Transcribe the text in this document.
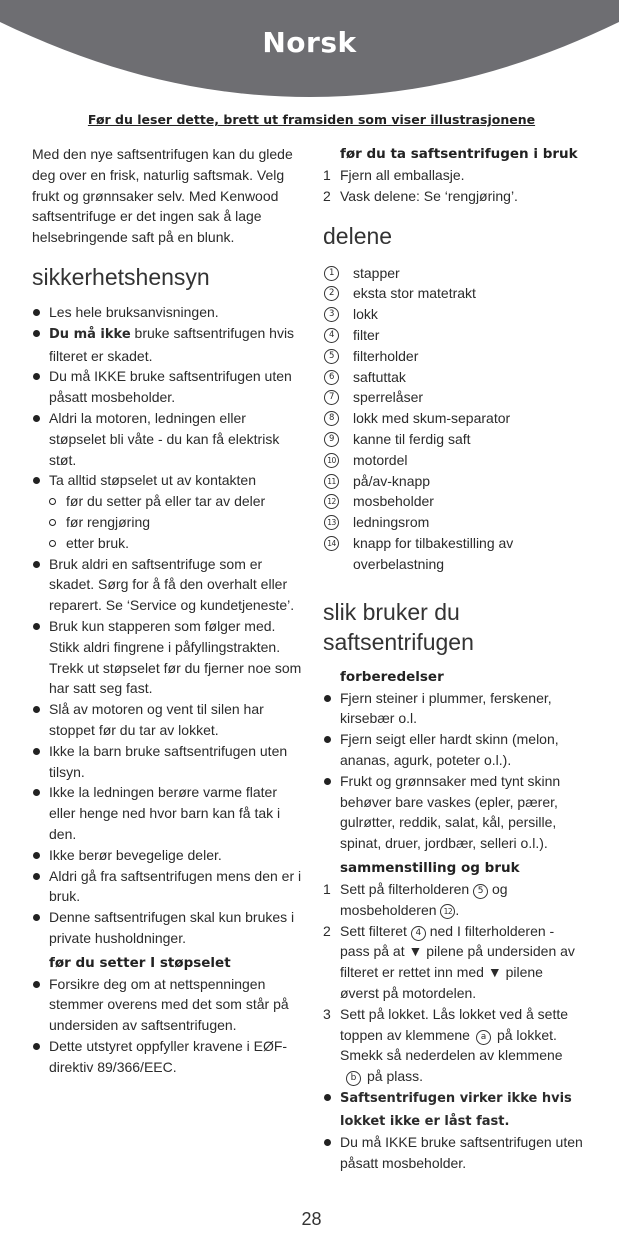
Norsk
Før du leser dette, brett ut framsiden som viser illustrasjonene

Med den nye saftsentrifugen kan du glede deg over en frisk, naturlig saftsmak. Velg frukt og grønnsaker selv. Med Kenwood saftsentrifuge er det ingen sak å lage helsebringende saft på en blunk.

sikkerhetshensyn
Les hele bruksanvisningen.
Du må ikke bruke saftsentrifugen hvis filteret er skadet.
Du må IKKE bruke saftsentrifugen uten påsatt mosbeholder.
Aldri la motoren, ledningen eller støpselet bli våte - du kan få elektrisk støt.
Ta alltid støpselet ut av kontakten
før du setter på eller tar av deler
før rengjøring
etter bruk.
Bruk aldri en saftsentrifuge som er skadet. Sørg for å få den overhalt eller reparert. Se ‘Service og kundetjeneste’.
Bruk kun stapperen som følger med. Stikk aldri fingrene i påfyllingstrakten. Trekk ut støpselet før du fjerner noe som har satt seg fast.
Slå av motoren og vent til silen har stoppet før du tar av lokket.
Ikke la barn bruke saftsentrifugen uten tilsyn.
Ikke la ledningen berøre varme flater eller henge ned hvor barn kan få tak i den.
Ikke berør bevegelige deler.
Aldri gå fra saftsentrifugen mens den er i bruk.
Denne saftsentrifugen skal kun brukes i private husholdninger.
før du setter I støpselet
Forsikre deg om at nettspenningen stemmer overens med det som står på undersiden av saftsentrifugen.
Dette utstyret oppfyller kravene i EØF-direktiv 89/366/EEC.
før du ta saftsentrifugen i bruk
1 Fjern all emballasje.
2 Vask delene: Se ‘rengjøring’.
delene
1	stapper
2	eksta stor matetrakt
3	lokk
4	filter
5	filterholder
6	saftuttak
7	sperrelåser
8	lokk med skum-separator
9	kanne til ferdig saft
10 motordel
11 på/av-knapp
12 mosbeholder
13 ledningsrom
14 knapp for tilbakestilling av overbelastning
slik bruker du saftsentrifugen
forberedelser
Fjern steiner i plummer, ferskener, kirsebær o.l.
Fjern seigt eller hardt skinn (melon, ananas, agurk, poteter o.l.).
Frukt og grønnsaker med tynt skinn behøver bare vaskes (epler, pærer, gulrøtter, reddik, salat, kål, persille, spinat, druer, jordbær, selleri o.l.).
sammenstilling og bruk
1 Sett på filterholderen 5 og mosbeholderen 12 .
2 Sett filteret 4 ned I filterholderen - pass på at ▼ pilene på undersiden av filteret er rettet inn med ▼ pilene øverst på motordelen.
3 Sett på lokket. Lås lokket ved å sette toppen av klemmene a på lokket. Smekk så nederdelen av klemmeneb på plass.
Saftsentrifugen virker ikke hvis lokket ikke er låst fast.
Du må IKKE bruke saftsentrifugen uten påsatt mosbeholder.
28
